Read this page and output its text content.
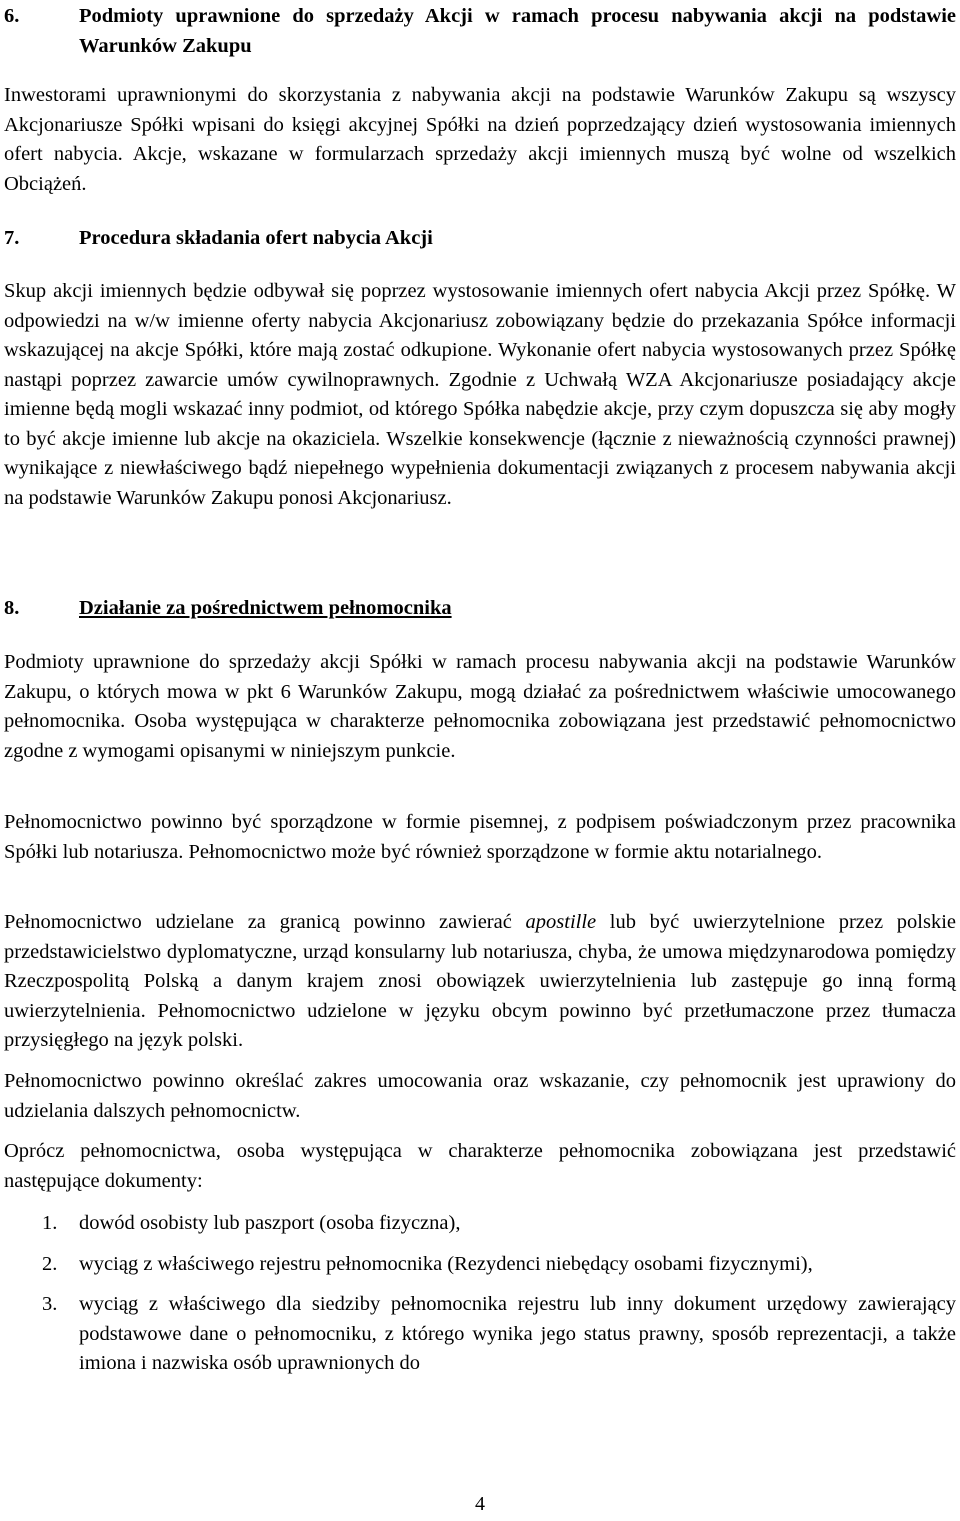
6.	Podmioty uprawnione do sprzedaży Akcji w ramach procesu nabywania akcji na podstawie Warunków Zakupu

Inwestorami uprawnionymi do skorzystania z nabywania akcji na podstawie Warunków Zakupu są wszyscy Akcjonariusze Spółki wpisani do księgi akcyjnej Spółki na dzień poprzedzający dzień wystosowania imiennych ofert nabycia. Akcje, wskazane w formularzach sprzedaży akcji imiennych muszą być wolne od wszelkich Obciążeń.

7.	Procedura składania ofert nabycia Akcji

Skup akcji imiennych będzie odbywał się poprzez wystosowanie imiennych ofert nabycia Akcji przez Spółkę. W odpowiedzi na w/w imienne oferty nabycia Akcjonariusz zobowiązany będzie do przekazania Spółce informacji wskazującej na akcje Spółki, które mają zostać odkupione. Wykonanie ofert nabycia wystosowanych przez Spółkę nastąpi poprzez zawarcie umów cywilnoprawnych. Zgodnie z Uchwałą WZA Akcjonariusze posiadający akcje imienne będą mogli wskazać inny podmiot, od którego Spółka nabędzie akcje, przy czym dopuszcza się aby mogły to być akcje imienne lub akcje na okaziciela. Wszelkie konsekwencje (łącznie z nieważnością czynności prawnej) wynikające z niewłaściwego bądź niepełnego wypełnienia dokumentacji związanych z procesem nabywania akcji na podstawie Warunków Zakupu ponosi Akcjonariusz.

8.	Działanie za pośrednictwem pełnomocnika

Podmioty uprawnione do sprzedaży akcji Spółki w ramach procesu nabywania akcji na podstawie Warunków Zakupu, o których mowa w pkt 6 Warunków Zakupu, mogą działać za pośrednictwem właściwie umocowanego pełnomocnika. Osoba występująca w charakterze pełnomocnika zobowiązana jest przedstawić pełnomocnictwo zgodne z wymogami opisanymi w niniejszym punkcie.

Pełnomocnictwo powinno być sporządzone w formie pisemnej, z podpisem poświadczonym przez pracownika Spółki lub notariusza. Pełnomocnictwo może być również sporządzone w formie aktu notarialnego.

Pełnomocnictwo udzielane za granicą powinno zawierać apostille lub być uwierzytelnione przez polskie przedstawicielstwo dyplomatyczne, urząd konsularny lub notariusza, chyba, że umowa międzynarodowa pomiędzy Rzeczpospolitą Polską a danym krajem znosi obowiązek uwierzytelnienia lub zastępuje go inną formą uwierzytelnienia. Pełnomocnictwo udzielone w języku obcym powinno być przetłumaczone przez tłumacza przysięgłego na język polski.

Pełnomocnictwo powinno określać zakres umocowania oraz wskazanie, czy pełnomocnik jest uprawiony do udzielania dalszych pełnomocnictw.

Oprócz pełnomocnictwa, osoba występująca w charakterze pełnomocnika zobowiązana jest przedstawić następujące dokumenty:

1.	dowód osobisty lub paszport (osoba fizyczna),
2.	wyciąg z właściwego rejestru pełnomocnika (Rezydenci niebędący osobami fizycznymi),
3.	wyciąg z właściwego dla siedziby pełnomocnika rejestru lub inny dokument urzędowy zawierający podstawowe dane o pełnomocniku, z którego wynika jego status prawny, sposób reprezentacji, a także imiona i nazwiska osób uprawnionych do
4
